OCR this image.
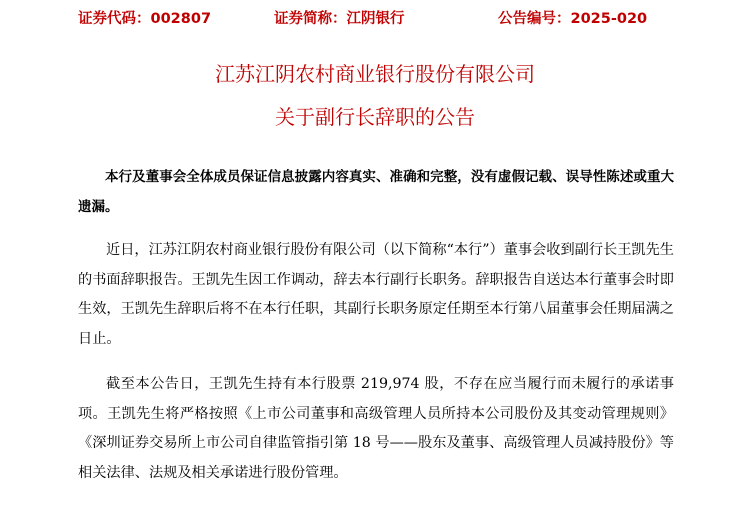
证券代码：002807	证券简称：江阴银行	公告编号：2025-020
江苏江阴农村商业银行股份有限公司
关于副行长辞职的公告
本行及董事会全体成员保证信息披露内容真实、准确和完整，没有虚假记载、误导性陈述或重大遗漏。
近日，江苏江阴农村商业银行股份有限公司（以下简称“本行”）董事会收到副行长王凯先生的书面辞职报告。王凯先生因工作调动，辞去本行副行长职务。辞职报告自送达本行董事会时即生效，王凯先生辞职后将不在本行任职，其副行长职务原定任期至本行第八届董事会任期届满之日止。
截至本公告日，王凯先生持有本行股票 219,974 股，不存在应当履行而未履行的承诺事项。王凯先生将严格按照《上市公司董事和高级管理人员所持本公司股份及其变动管理规则》《深圳证券交易所上市公司自律监管指引第 18 号——股东及董事、高级管理人员减持股份》等相关法律、法规及相关承诺进行股份管理。
